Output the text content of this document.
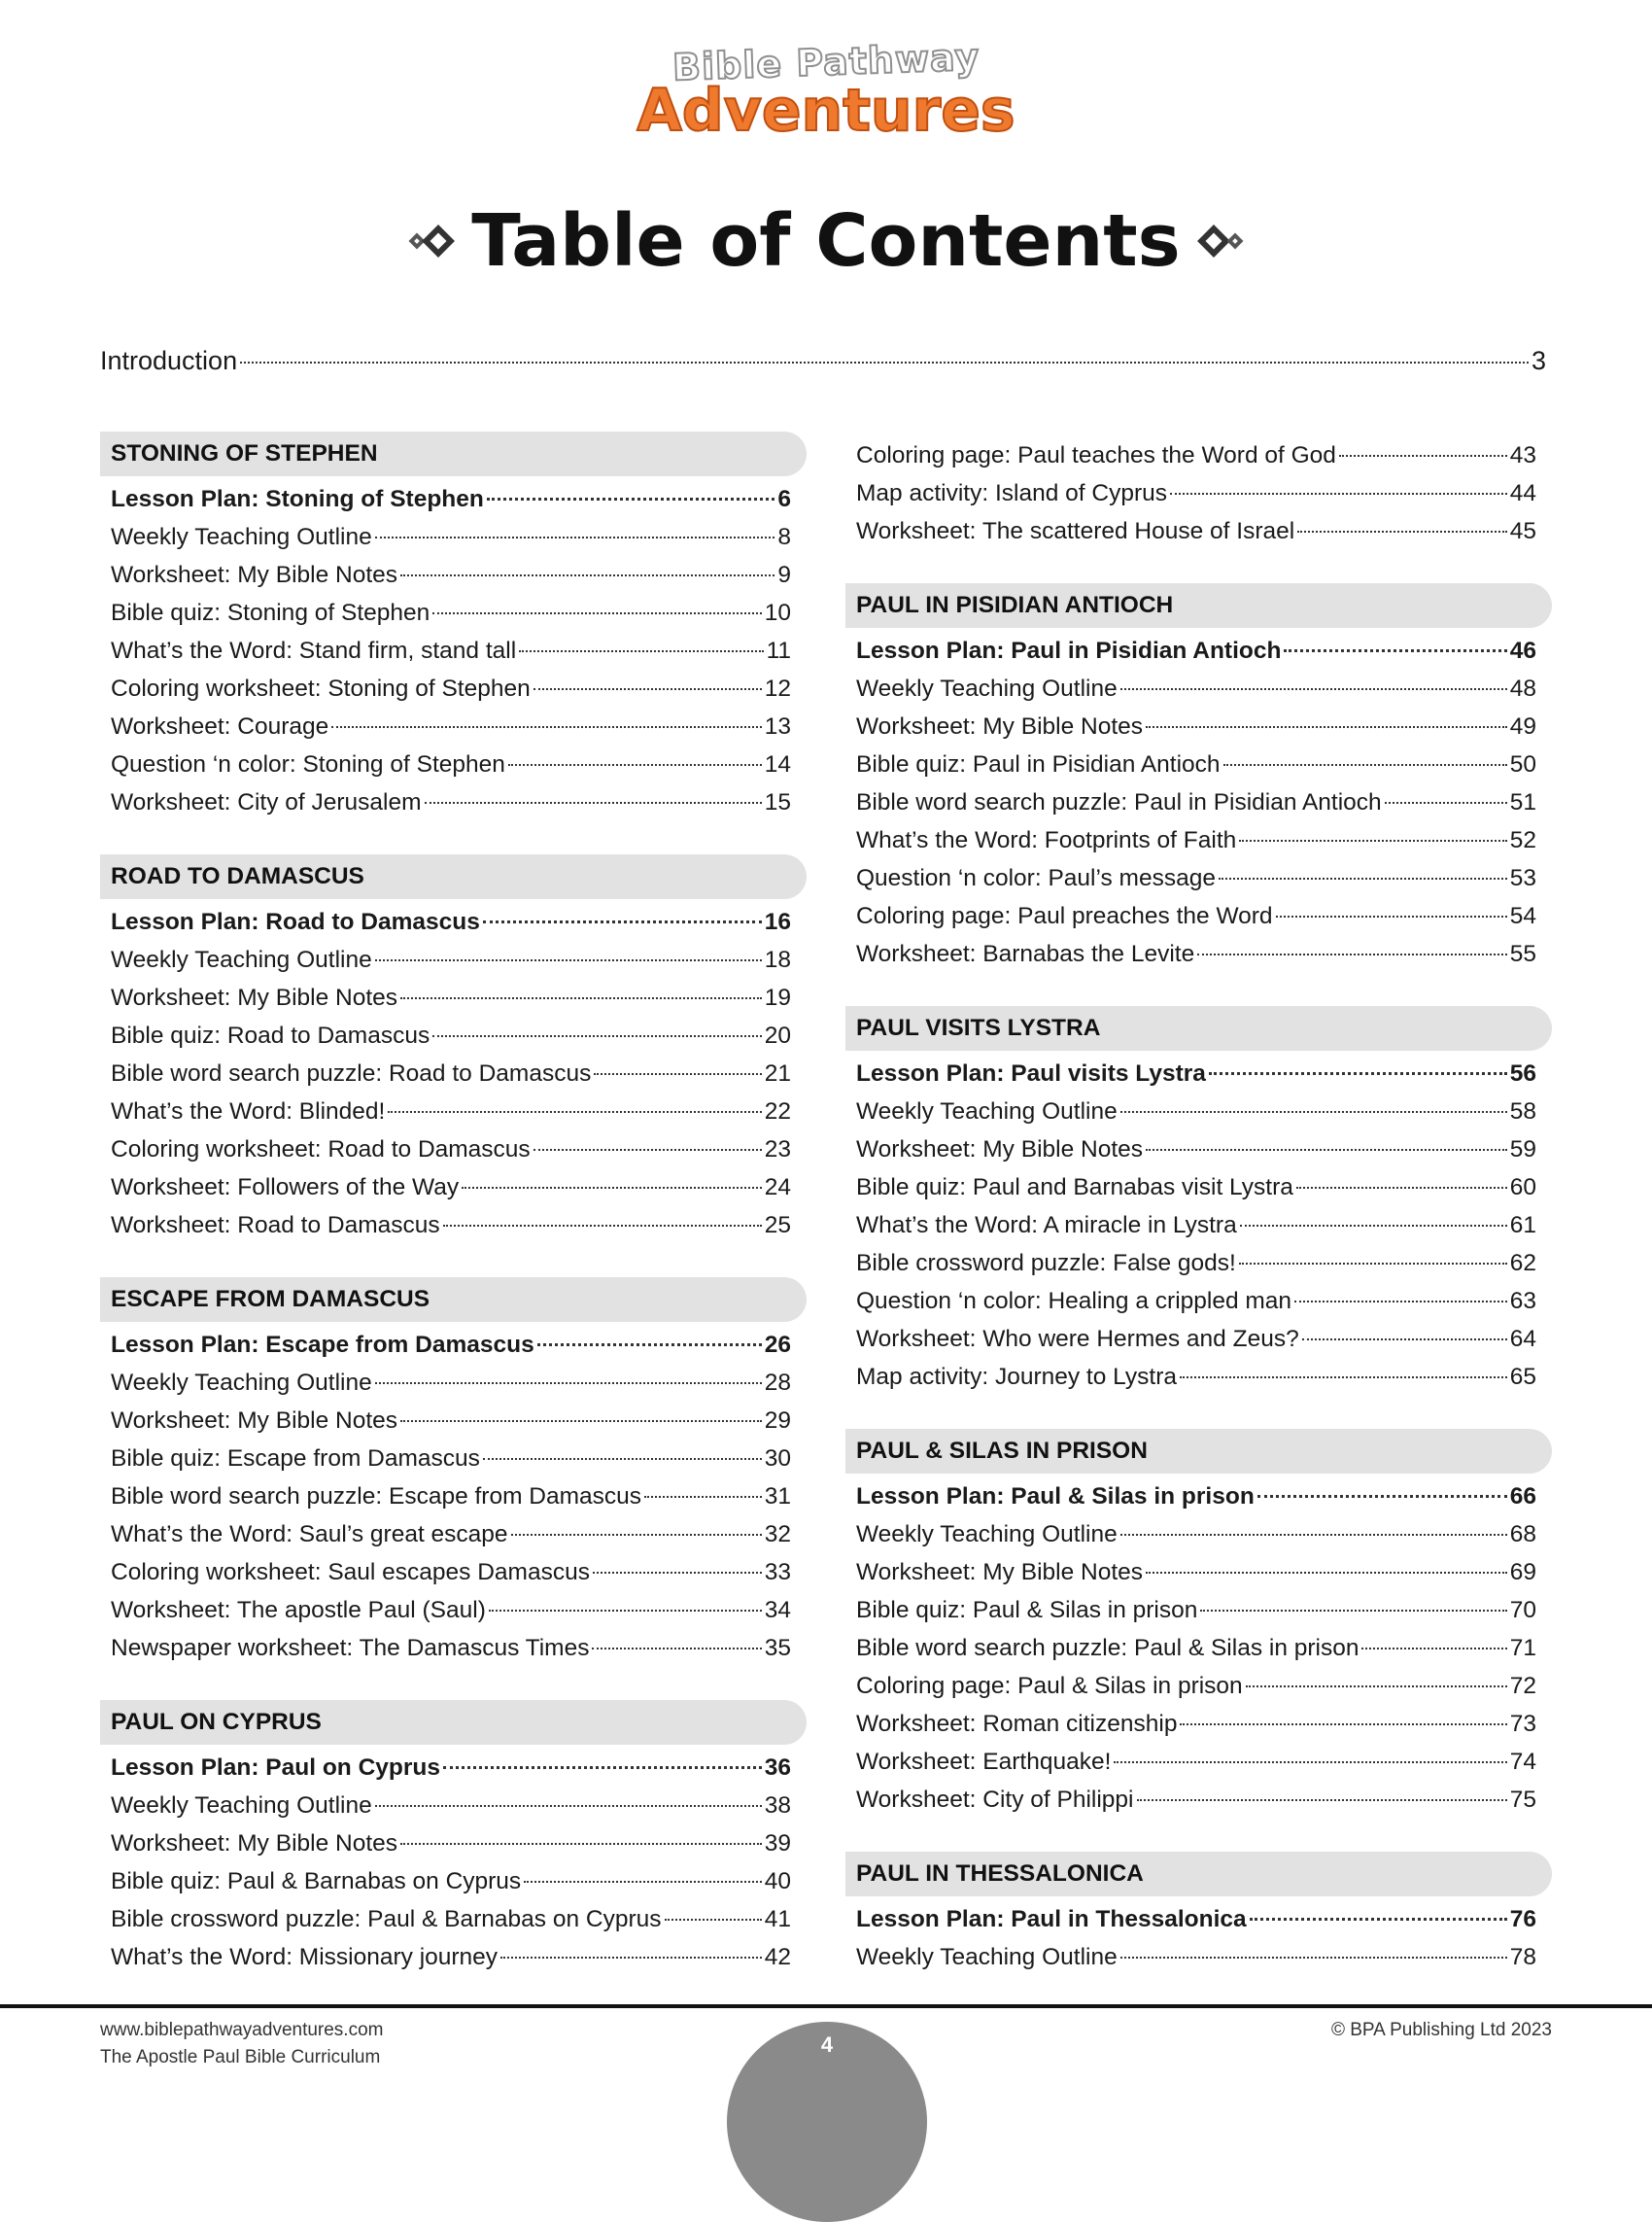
Bible Pathway
Adventures
Table of Contents
Introduction	3
STONING OF STEPHEN
Lesson Plan: Stoning of Stephen	6
Weekly Teaching Outline	8
Worksheet: My Bible Notes	9
Bible quiz: Stoning of Stephen	10
What’s the Word: Stand firm, stand tall	11
Coloring worksheet: Stoning of Stephen	12
Worksheet: Courage	13
Question ‘n color: Stoning of Stephen	14
Worksheet: City of Jerusalem	15
ROAD TO DAMASCUS
Lesson Plan: Road to Damascus	16
Weekly Teaching Outline	18
Worksheet: My Bible Notes	19
Bible quiz: Road to Damascus	20
Bible word search puzzle: Road to Damascus	21
What’s the Word: Blinded!	22
Coloring worksheet: Road to Damascus	23
Worksheet: Followers of the Way	24
Worksheet: Road to Damascus	25
ESCAPE FROM DAMASCUS
Lesson Plan: Escape from Damascus	26
Weekly Teaching Outline	28
Worksheet: My Bible Notes	29
Bible quiz: Escape from Damascus	30
Bible word search puzzle: Escape from Damascus	31
What’s the Word: Saul’s great escape	32
Coloring worksheet: Saul escapes Damascus	33
Worksheet: The apostle Paul (Saul)	34
Newspaper worksheet: The Damascus Times	35
PAUL ON CYPRUS
Lesson Plan: Paul on Cyprus	36
Weekly Teaching Outline	38
Worksheet: My Bible Notes	39
Bible quiz: Paul & Barnabas on Cyprus	40
Bible crossword puzzle: Paul & Barnabas on Cyprus	41
What’s the Word: Missionary journey	42
Coloring page: Paul teaches the Word of God	43
Map activity: Island of Cyprus	44
Worksheet: The scattered House of Israel	45
PAUL IN PISIDIAN ANTIOCH
Lesson Plan: Paul in Pisidian Antioch	46
Weekly Teaching Outline	48
Worksheet: My Bible Notes	49
Bible quiz: Paul in Pisidian Antioch	50
Bible word search puzzle: Paul in Pisidian Antioch	51
What’s the Word: Footprints of Faith	52
Question ‘n color: Paul’s message	53
Coloring page: Paul preaches the Word	54
Worksheet: Barnabas the Levite	55
PAUL VISITS LYSTRA
Lesson Plan: Paul visits Lystra	56
Weekly Teaching Outline	58
Worksheet: My Bible Notes	59
Bible quiz: Paul and Barnabas visit Lystra	60
What’s the Word: A miracle in Lystra	61
Bible crossword puzzle: False gods!	62
Question ‘n color: Healing a crippled man	63
Worksheet: Who were Hermes and Zeus?	64
Map activity: Journey to Lystra	65
PAUL & SILAS IN PRISON
Lesson Plan: Paul & Silas in prison	66
Weekly Teaching Outline	68
Worksheet: My Bible Notes	69
Bible quiz: Paul & Silas in prison	70
Bible word search puzzle: Paul & Silas in prison	71
Coloring page: Paul & Silas in prison	72
Worksheet: Roman citizenship	73
Worksheet: Earthquake!	74
Worksheet: City of Philippi	75
PAUL IN THESSALONICA
Lesson Plan: Paul in Thessalonica	76
Weekly Teaching Outline	78
www.biblepathwayadventures.com
The Apostle Paul Bible Curriculum
© BPA Publishing Ltd 2023
4
